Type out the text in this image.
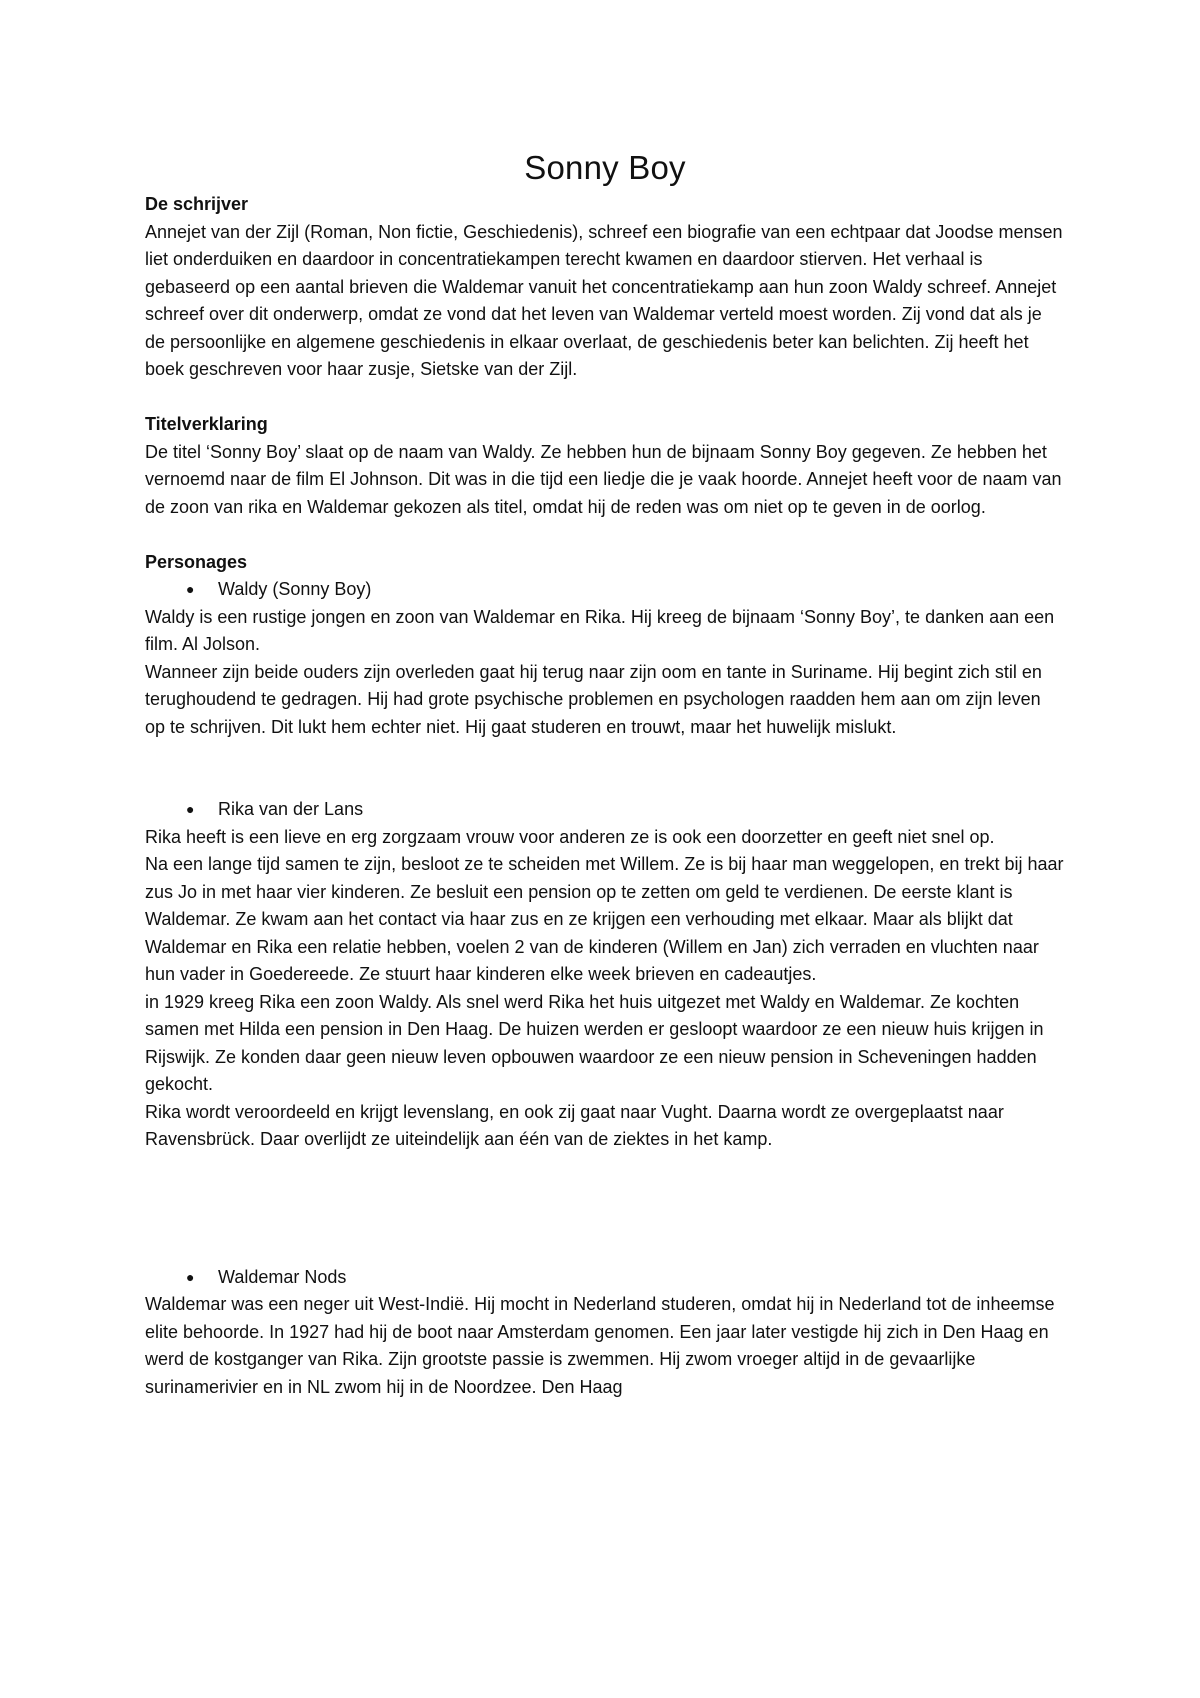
Sonny Boy

De schrijver

Annejet van der Zijl (Roman, Non fictie, Geschiedenis), schreef een biografie van een echtpaar dat Joodse mensen liet onderduiken en daardoor in concentratiekampen terecht kwamen en daardoor stierven. Het verhaal is gebaseerd op een aantal brieven die Waldemar vanuit het concentratiekamp aan hun zoon Waldy schreef. Annejet schreef over dit onderwerp, omdat ze vond dat het leven van Waldemar verteld moest worden. Zij vond dat als je de persoonlijke en algemene geschiedenis in elkaar overlaat, de geschiedenis beter kan belichten. Zij heeft het boek geschreven voor haar zusje, Sietske van der Zijl.

Titelverklaring

De titel ‘Sonny Boy’ slaat op de naam van Waldy. Ze hebben hun de bijnaam Sonny Boy gegeven. Ze hebben het vernoemd naar de film El Johnson. Dit was in die tijd een liedje die je vaak hoorde. Annejet heeft voor de naam van de zoon van rika en Waldemar gekozen als titel, omdat hij de reden was om niet op te geven in de oorlog.

Personages

● Waldy (Sonny Boy)

Waldy is een rustige jongen en zoon van Waldemar en Rika. Hij kreeg de bijnaam ‘Sonny Boy’, te danken aan een film. Al Jolson.

Wanneer zijn beide ouders zijn overleden gaat hij terug naar zijn oom en tante in Suriname. Hij begint zich stil en terughoudend te gedragen. Hij had grote psychische problemen en psychologen raadden hem aan om zijn leven op te schrijven. Dit lukt hem echter niet. Hij gaat studeren en trouwt, maar het huwelijk mislukt.

● Rika van der Lans

Rika heeft is een lieve en erg zorgzaam vrouw voor anderen ze is ook een doorzetter en geeft niet snel op.

Na een lange tijd samen te zijn, besloot ze te scheiden met Willem. Ze is bij haar man weggelopen, en trekt bij haar zus Jo in met haar vier kinderen. Ze besluit een pension op te zetten om geld te verdienen. De eerste klant is Waldemar. Ze kwam aan het contact via haar zus en ze krijgen een verhouding met elkaar. Maar als blijkt dat Waldemar en Rika een relatie hebben, voelen 2 van de kinderen (Willem en Jan) zich verraden en vluchten naar hun vader in Goedereede. Ze stuurt haar kinderen elke week brieven en cadeautjes.

in 1929 kreeg Rika een zoon Waldy. Als snel werd Rika het huis uitgezet met Waldy en Waldemar. Ze kochten samen met Hilda een pension in Den Haag. De huizen werden er gesloopt waardoor ze een nieuw huis krijgen in Rijswijk. Ze konden daar geen nieuw leven opbouwen waardoor ze een nieuw pension in Scheveningen hadden gekocht.

Rika wordt veroordeeld en krijgt levenslang, en ook zij gaat naar Vught. Daarna wordt ze overgeplaatst naar Ravensbrück. Daar overlijdt ze uiteindelijk aan één van de ziektes in het kamp.

● Waldemar Nods

Waldemar was een neger uit West-Indië. Hij mocht in Nederland studeren, omdat hij in Nederland tot de inheemse elite behoorde. In 1927 had hij de boot naar Amsterdam genomen. Een jaar later vestigde hij zich in Den Haag en werd de kostganger van Rika. Zijn grootste passie is zwemmen. Hij zwom vroeger altijd in de gevaarlijke surinamerivier en in NL zwom hij in de Noordzee. Den Haag
